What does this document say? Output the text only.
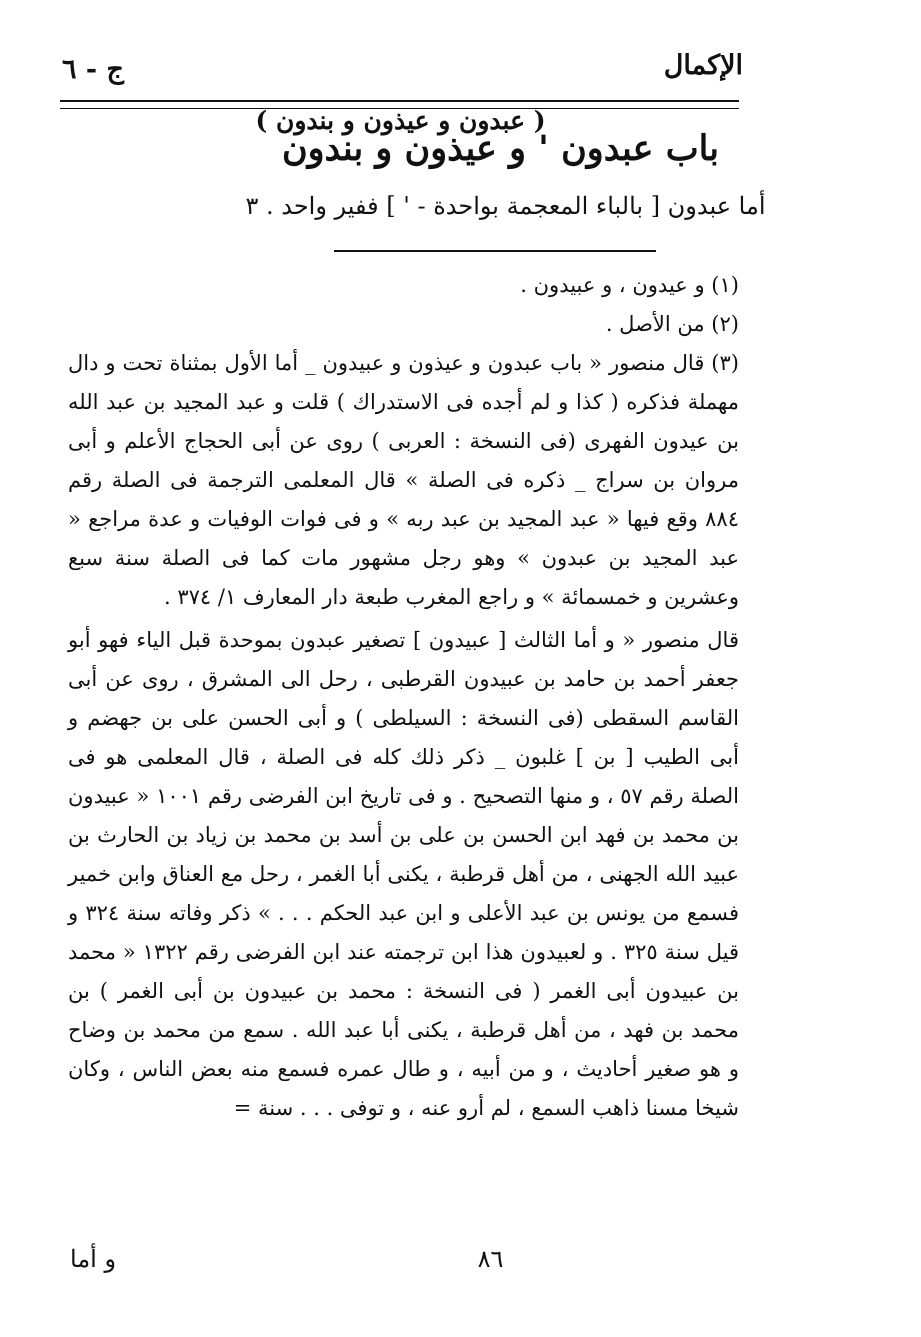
الإكمال
( عبدون و عيذون و بندون )
ج - ٦
باب عبدون ' و عيذون و بندون
أما عبدون [ بالباء المعجمة بواحدة - ' ] ففير واحد . ٣

(١) و عيدون ، و عبيدون .

(٢) من الأصل .

(٣) قال منصور « باب عبدون و عيذون و عبيدون _ أما الأول بمثناة تحت و دال مهملة فذكره ( كذا و لم أجده فى الاستدراك ) قلت و عبد المجيد بن عبد الله بن عيدون الفهرى (فى النسخة : العربى ) روى عن أبى الحجاج الأعلم و أبى مروان بن سراج _ ذكره فى الصلة » قال المعلمى الترجمة فى الصلة رقم ٨٨٤ وقع فيها « عبد المجيد بن عبد ربه » و فى فوات الوفيات و عدة مراجع « عبد المجيد بن عبدون » وهو رجل مشهور مات كما فى الصلة سنة سبع وعشرين و خمسمائة » و راجع المغرب طبعة دار المعارف ١/ ٣٧٤ .

قال منصور « و أما الثالث [ عبيدون ] تصغير عبدون بموحدة قبل الياء فهو أبو جعفر أحمد بن حامد بن عبيدون القرطبى ، رحل الى المشرق ، روى عن أبى القاسم السقطى (فى النسخة : السيلطى ) و أبى الحسن على بن جهضم و أبى الطيب [ بن ] غلبون _ ذكر ذلك كله فى الصلة ، قال المعلمى هو فى الصلة رقم ٥٧ ، و منها التصحيح . و فى تاريخ ابن الفرضى رقم ١٠٠١ « عبيدون بن محمد بن فهد ابن الحسن بن على بن أسد بن محمد بن زياد بن الحارث بن عبيد الله الجهنى ، من أهل قرطبة ، يكنى أبا الغمر ، رحل مع العناق وابن خمير فسمع من يونس بن عبد الأعلى و ابن عبد الحكم . . . » ذكر وفاته سنة ٣٢٤ و قيل سنة ٣٢٥ . و لعبيدون هذا ابن ترجمته عند ابن الفرضى رقم ١٣٢٢ « محمد بن عبيدون أبى الغمر ( فى النسخة : محمد بن عبيدون بن أبى الغمر ) بن محمد بن فهد ، من أهل قرطبة ، يكنى أبا عبد الله . سمع من محمد بن وضاح و هو صغير أحاديث ، و من أبيه ، و طال عمره فسمع منه بعض الناس ، وكان شيخا مسنا ذاهب السمع ، لم أرو عنه ، و توفى . . . سنة =

٨٦
و أما
